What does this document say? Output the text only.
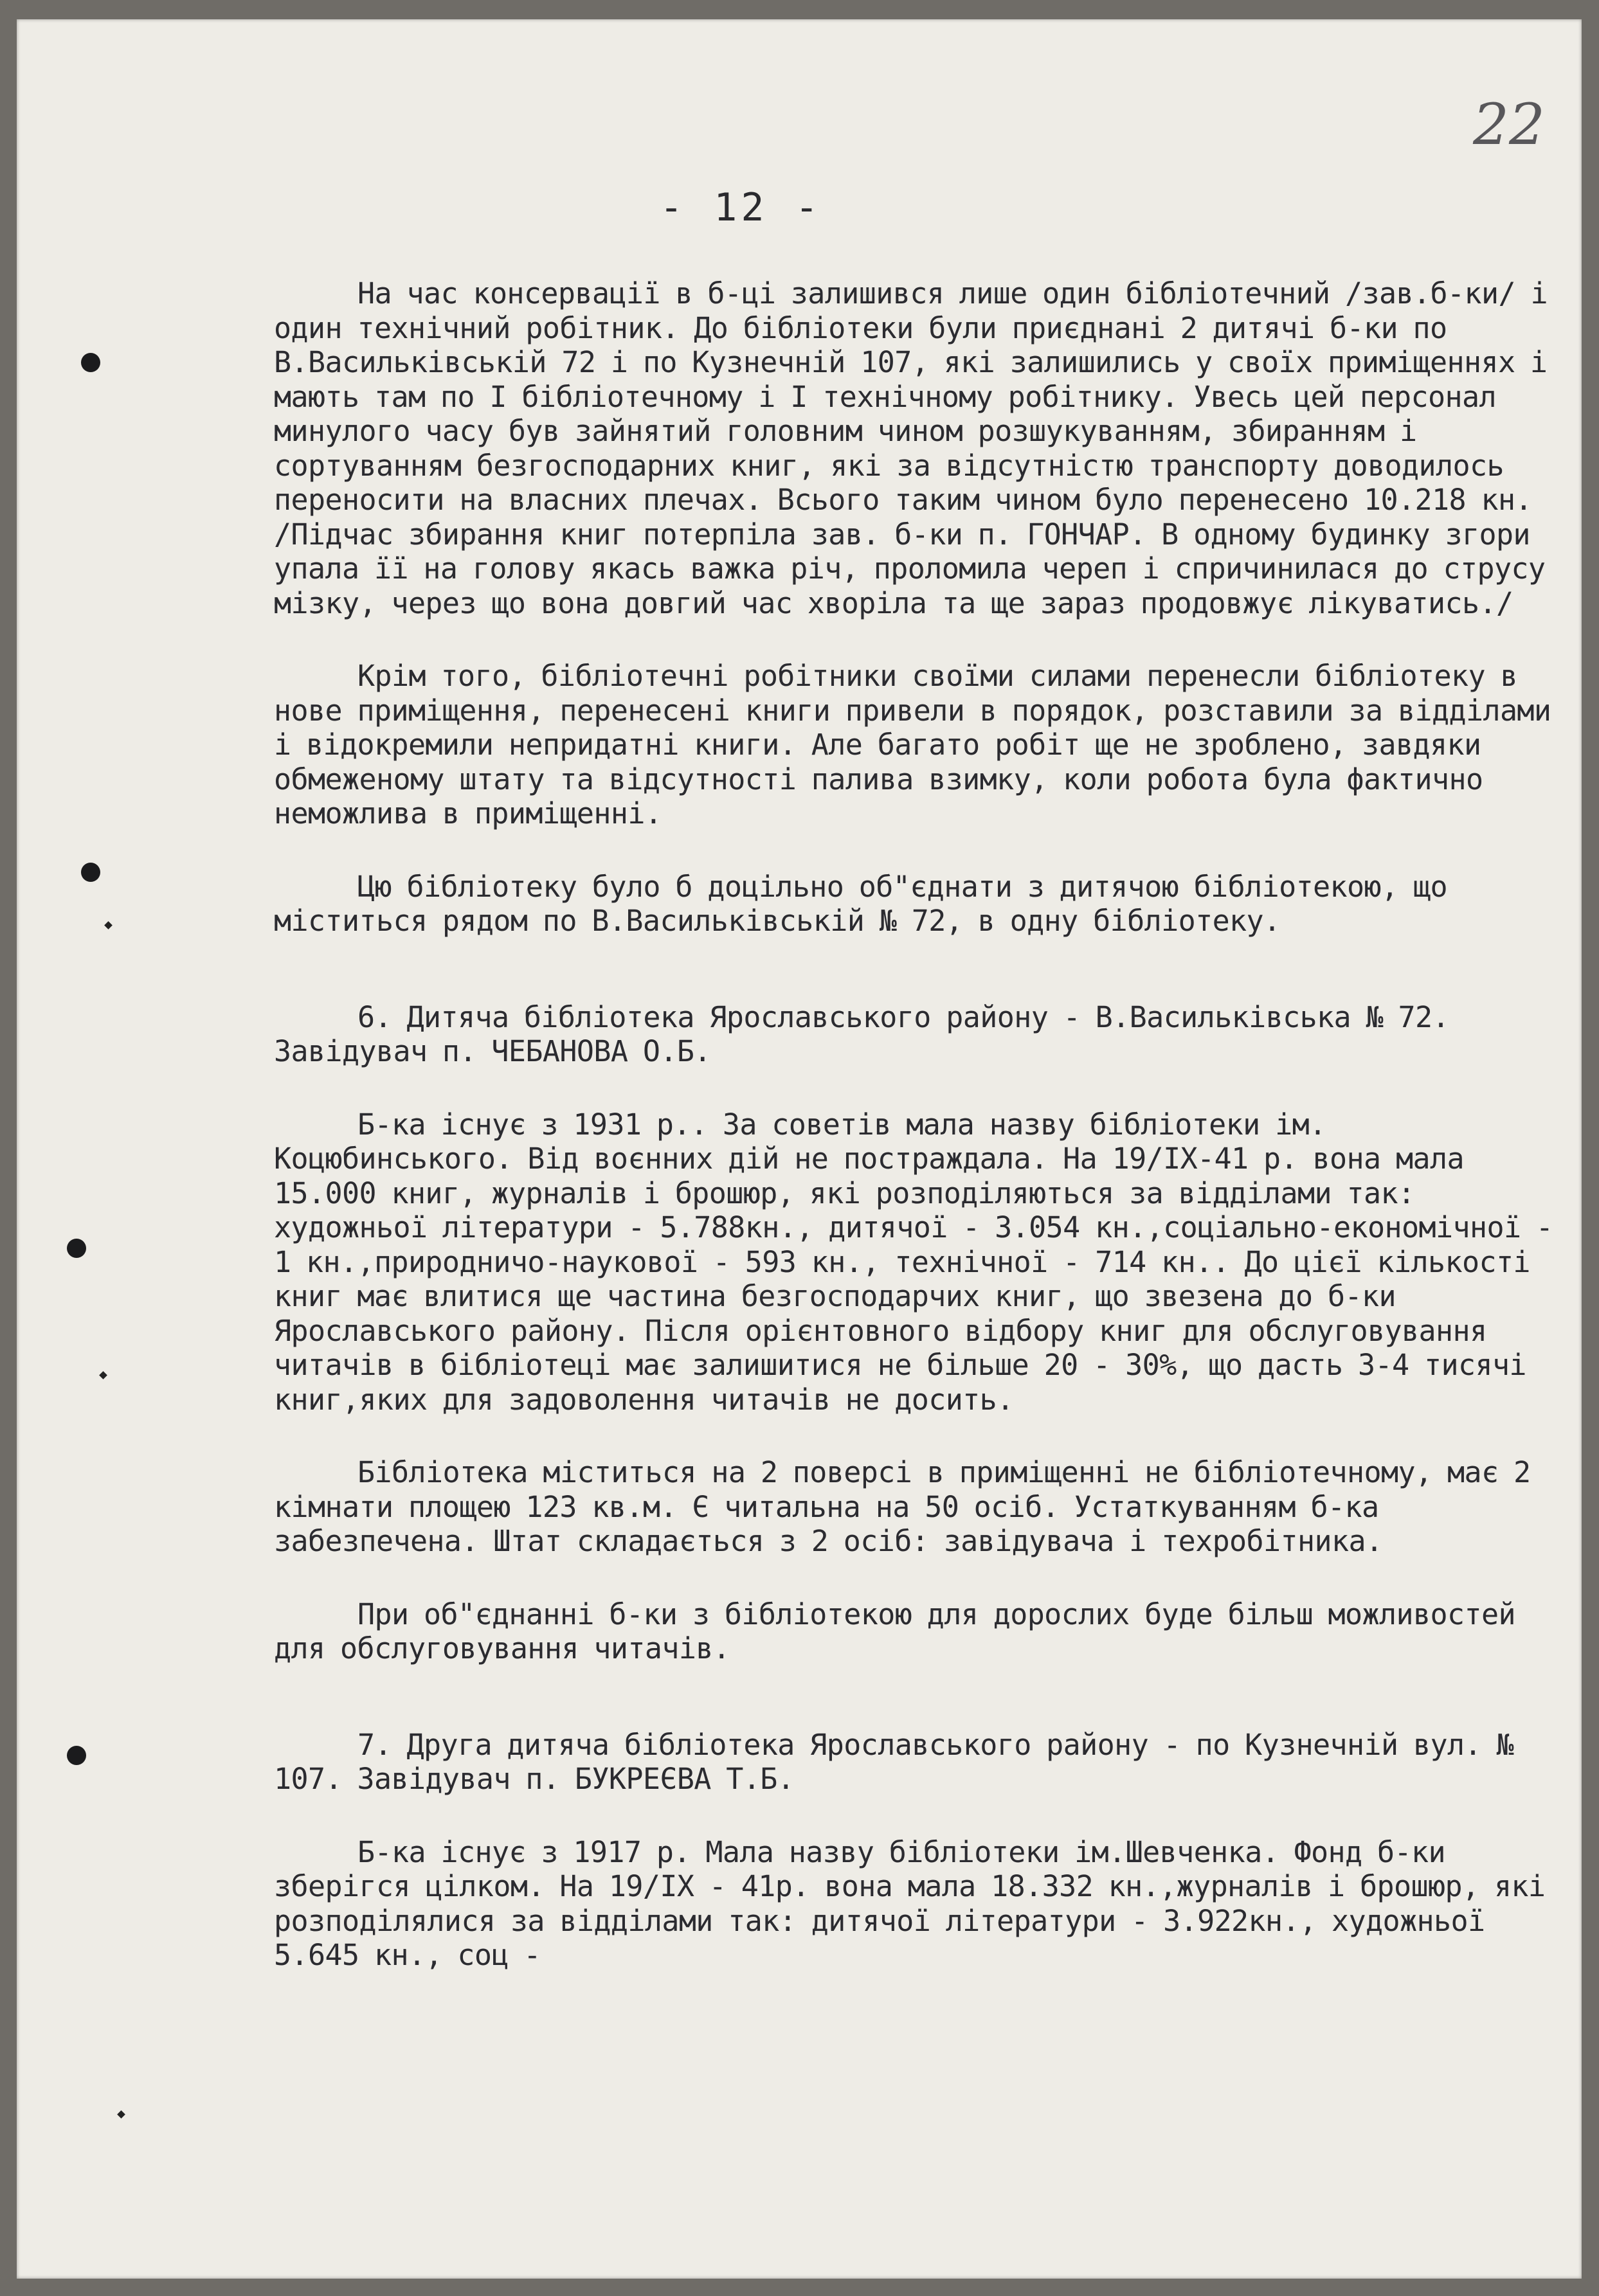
22
- 12 -

На час консервації в б-ці залишився лише один бібліотечний /зав.б-ки/ і один технічний робітник. До бібліотеки були приєднані 2 дитячі б-ки по В.Васильківській 72 і по Кузнечній 107, які залишились у своїх приміщеннях і мають там по І бібліотечному і І технічному робітнику. Увесь цей персонал минулого часу був зайнятий головним чином розшукуванням, збиранням і сортуванням безгосподарних книг, які за відсутністю транспорту доводилось переносити на власних плечах. Всього таким чином було перенесено 10.218 кн. /Підчас збирання книг потерпіла зав. б-ки п. ГОНЧАР. В одному будинку згори упала її на голову якась важка річ, проломила череп і спричинилася до струсу мізку, через що вона довгий час хворіла та ще зараз продовжує лікуватись./

Крім того, бібліотечні робітники своїми силами перенесли бібліотеку в нове приміщення, перенесені книги привели в порядок, розставили за відділами і відокремили непридатні книги. Але багато робіт ще не зроблено, завдяки обмеженому штату та відсутності палива взимку, коли робота була фактично неможлива в приміщенні.

Цю бібліотеку було б доцільно об"єднати з дитячою бібліотекою, що міститься рядом по В.Васильківській № 72, в одну бібліотеку.

6. Дитяча бібліотека Ярославського району - В.Васильківська № 72. Завідувач п. ЧЕБАНОВА О.Б.

Б-ка існує з 1931 р.. За советів мала назву бібліотеки ім. Коцюбинського. Від воєнних дій не постраждала. На 19/IX-41 р. вона мала 15.000 книг, журналів і брошюр, які розподіляються за відділами так: художньої літератури - 5.788кн., дитячої - 3.054 кн.,соціально-економічної - 1 кн.,природничо-наукової - 593 кн., технічної - 714 кн.. До цієї кількості книг має влитися ще частина безгосподарчих книг, що звезена до б-ки Ярославського району. Після орієнтовного відбору книг для обслуговування читачів в бібліотеці має залишитися не більше 20 - 30%, що дасть 3-4 тисячі книг,яких для задоволення читачів не досить.

Бібліотека міститься на 2 поверсі в приміщенні не бібліотечному, має 2 кімнати площею 123 кв.м. Є читальна на 50 осіб. Устаткуванням б-ка забезпечена. Штат складається з 2 осіб: завідувача і техробітника.

При об"єднанні б-ки з бібліотекою для дорослих буде більш можливостей для обслуговування читачів.

7. Друга дитяча бібліотека Ярославського району - по Кузнечній вул. № 107. Завідувач п. БУКРЕЄВА Т.Б.

Б-ка існує з 1917 р. Мала назву бібліотеки ім.Шевченка. Фонд б-ки зберігся цілком. На 19/IX - 41р. вона мала 18.332 кн.,журналів і брошюр, які розподілялися за відділами так: дитячої літератури - 3.922кн., художньої 5.645 кн., соц -
